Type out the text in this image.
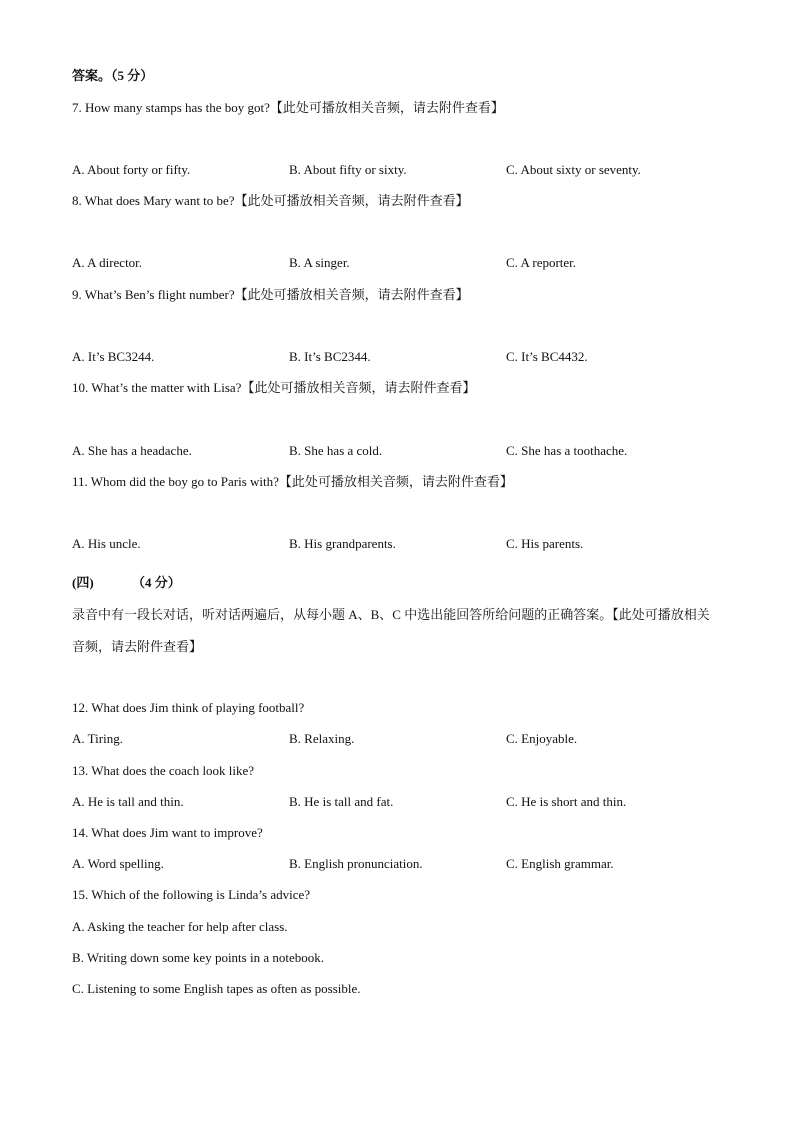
答案。（5 分）
7. How many stamps has the boy got?【此处可播放相关音频，请去附件查看】
A. About forty or fifty.	B. About fifty or sixty.	C. About sixty or seventy.
8. What does Mary want to be?【此处可播放相关音频，请去附件查看】
A. A director.	B. A singer.	C. A reporter.
9. What’s Ben’s flight number?【此处可播放相关音频，请去附件查看】
A. It’s BC3244.	B. It’s BC2344.	C. It’s BC4432.
10. What’s the matter with Lisa?【此处可播放相关音频，请去附件查看】
A. She has a headache.	B. She has a cold.	C. She has a toothache.
11. Whom did the boy go to Paris with?【此处可播放相关音频，请去附件查看】
A. His uncle.	B. His grandparents.	C. His parents.
(四)	（4 分）
录音中有一段长对话，听对话两遍后，从每小题 A、B、C 中选出能回答所给问题的正确答案。【此处可播放相关音频，请去附件查看】
12. What does Jim think of playing football?
A. Tiring.	B. Relaxing.	C. Enjoyable.
13. What does the coach look like?
A. He is tall and thin.	B. He is tall and fat.	C. He is short and thin.
14. What does Jim want to improve?
A. Word spelling.	B. English pronunciation.	C. English grammar.
15. Which of the following is Linda’s advice?
A. Asking the teacher for help after class.
B. Writing down some key points in a notebook.
C. Listening to some English tapes as often as possible.
